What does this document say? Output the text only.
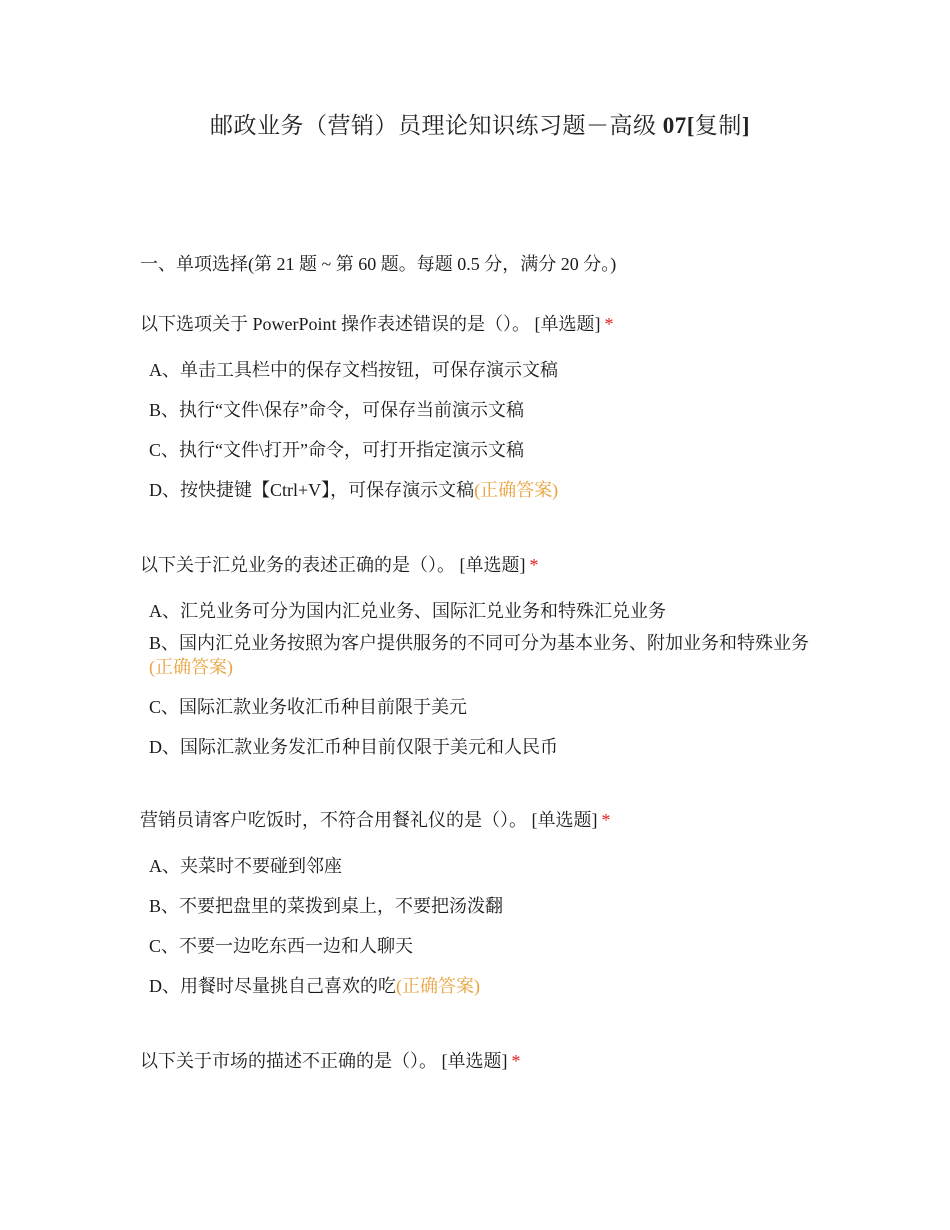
邮政业务（营销）员理论知识练习题－高级 07[复制]
一、单项选择(第 21 题 ~ 第 60 题。每题 0.5 分，满分 20 分。)

以下选项关于 PowerPoint 操作表述错误的是（）。 [单选题] *

A、单击工具栏中的保存文档按钮，可保存演示文稿
B、执行“文件\保存”命令，可保存当前演示文稿
C、执行“文件\打开”命令，可打开指定演示文稿
D、按快捷键【Ctrl+V】，可保存演示文稿(正确答案)

以下关于汇兑业务的表述正确的是（）。 [单选题] *

A、汇兑业务可分为国内汇兑业务、国际汇兑业务和特殊汇兑业务
B、国内汇兑业务按照为客户提供服务的不同可分为基本业务、附加业务和特殊业务(正确答案)
C、国际汇款业务收汇币种目前限于美元
D、国际汇款业务发汇币种目前仅限于美元和人民币

营销员请客户吃饭时，不符合用餐礼仪的是（）。 [单选题] *

A、夹菜时不要碰到邻座
B、不要把盘里的菜拨到桌上，不要把汤泼翻
C、不要一边吃东西一边和人聊天
D、用餐时尽量挑自己喜欢的吃(正确答案)

以下关于市场的描述不正确的是（）。 [单选题] *
